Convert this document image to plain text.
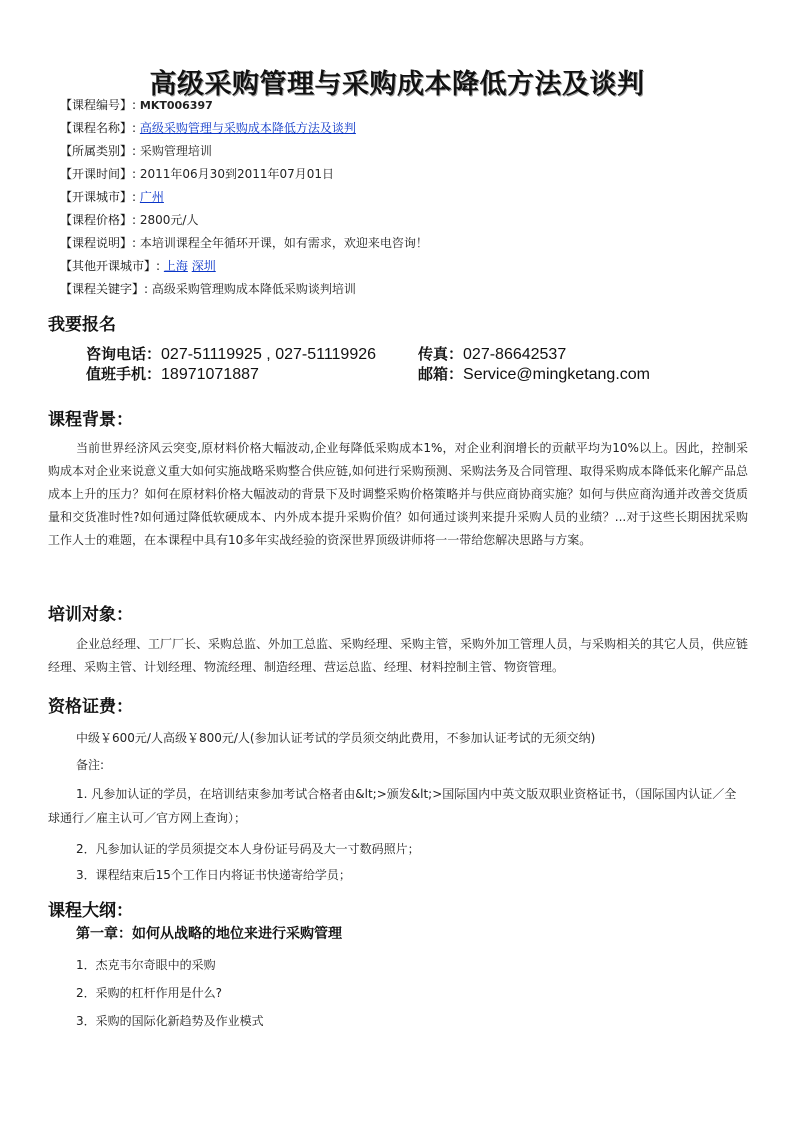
高级采购管理与采购成本降低方法及谈判
【课程编号】: MKT006397
【课程名称】: 高级采购管理与采购成本降低方法及谈判
【所属类别】: 采购管理培训
【开课时间】: 2011年06月30到2011年07月01日
【开课城市】: 广州
【课程价格】: 2800元/人
【课程说明】: 本培训课程全年循环开课，如有需求，欢迎来电咨询！
【其他开课城市】: 上海 深圳
【课程关键字】: 高级采购管理购成本降低采购谈判培训
我要报名
咨询电话：027-51119925 , 027-51119926	传真：027-86642537
值班手机：18971071887	邮箱：Service@mingketang.com
课程背景：
当前世界经济风云突变,原材料价格大幅波动,企业每降低采购成本1%，对企业利润增长的贡献平均为10%以上。因此，控制采购成本对企业来说意义重大如何实施战略采购整合供应链,如何进行采购预测、采购法务及合同管理、取得采购成本降低来化解产品总成本上升的压力？如何在原材料价格大幅波动的背景下及时调整采购价格策略并与供应商协商实施？如何与供应商沟通并改善交货质量和交货准时性?如何通过降低软硬成本、内外成本提升采购价值？如何通过谈判来提升采购人员的业绩？...对于这些长期困扰采购工作人士的难题，在本课程中具有10多年实战经验的资深世界顶级讲师将一一带给您解决思路与方案。
培训对象：
企业总经理、工厂厂长、采购总监、外加工总监、采购经理、采购主管，采购外加工管理人员，与采购相关的其它人员，供应链经理、采购主管、计划经理、物流经理、制造经理、营运总监、经理、材料控制主管、物资管理。
资格证费：
中级￥600元/人高级￥800元/人(参加认证考试的学员须交纳此费用，不参加认证考试的无须交纳)
备注:
1. 凡参加认证的学员，在培训结束参加考试合格者由&lt;>颁发&lt;>国际国内中英文版双职业资格证书，（国际国内认证／全球通行／雇主认可／官方网上查询）；
2．凡参加认证的学员须提交本人身份证号码及大一寸数码照片；
3．课程结束后15个工作日内将证书快递寄给学员；
课程大纲：
第一章：如何从战略的地位来进行采购管理
1．杰克韦尔奇眼中的采购
2．采购的杠杆作用是什么?
3．采购的国际化新趋势及作业模式
